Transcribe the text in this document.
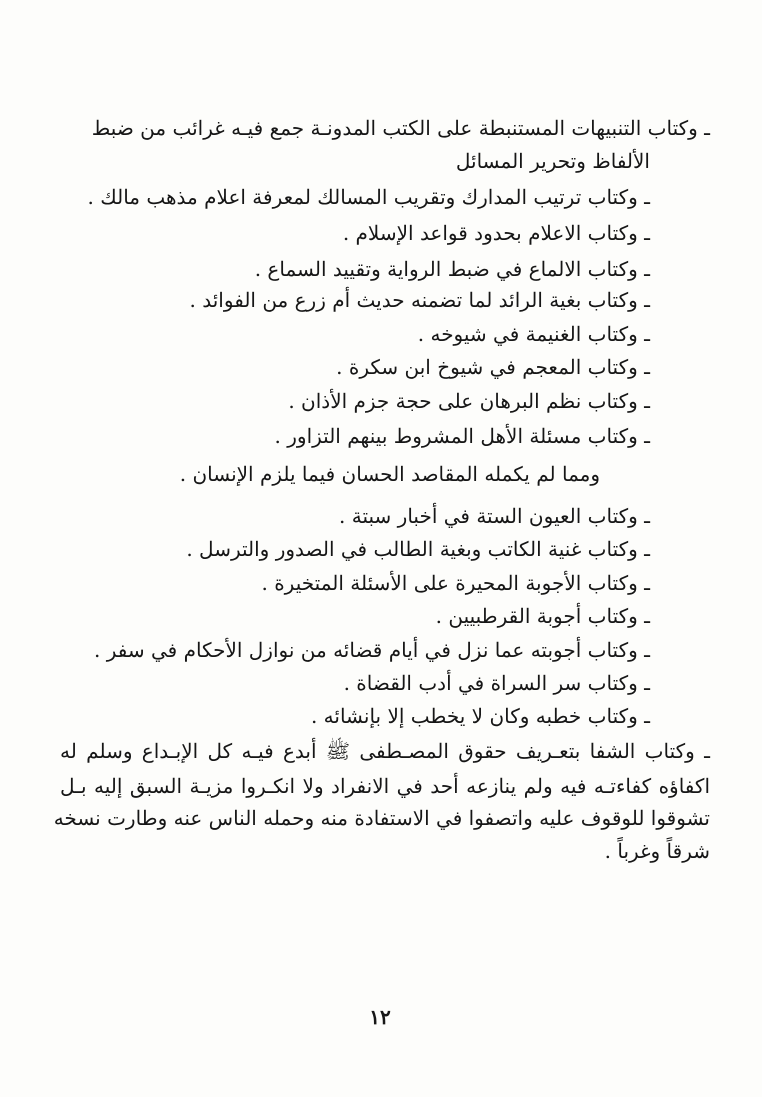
ـ وكتاب التنبيهات المستنبطة على الكتب المدونـة جمع فيـه غرائب من ضبط
الألفاظ وتحرير المسائل
ـ وكتاب ترتيب المدارك وتقريب المسالك لمعرفة اعلام مذهب مالك .
ـ وكتاب الاعلام بحدود قواعد الإسلام .
ـ وكتاب الالماع في ضبط الرواية وتقييد السماع .
ـ وكتاب بغية الرائد لما تضمنه حديث أم زرع من الفوائد .
ـ وكتاب الغنيمة في شيوخه .
ـ وكتاب المعجم في شيوخ ابن سكرة .
ـ وكتاب نظم البرهان على حجة جزم الأذان .
ـ وكتاب مسئلة الأهل المشروط بينهم التزاور .
ومما لم يكمله المقاصد الحسان فيما يلزم الإنسان .
ـ وكتاب العيون الستة في أخبار سبتة .
ـ وكتاب غنية الكاتب وبغية الطالب في الصدور والترسل .
ـ وكتاب الأجوبة المحيرة على الأسئلة المتخيرة .
ـ وكتاب أجوبة القرطبيين .
ـ وكتاب أجوبته عما نزل في أيام قضائه من نوازل الأحكام في سفر .
ـ وكتاب سر السراة في أدب القضاة .
ـ وكتاب خطبه وكان لا يخطب إلا بإنشائه .
ـ وكتاب الشفا بتعـريف حقوق المصـطفى ﷺ أبدع فيـه كل الإبـداع وسلم له
اكفاؤه كفاءتـه فيه ولم ينازعه أحد في الانفراد ولا انكـروا مزيـة السبق إليه بـل
تشوقوا للوقوف عليه واتصفوا في الاستفادة منه وحمله الناس عنه وطارت نسخه
شرقاً وغرباً .
١٢
